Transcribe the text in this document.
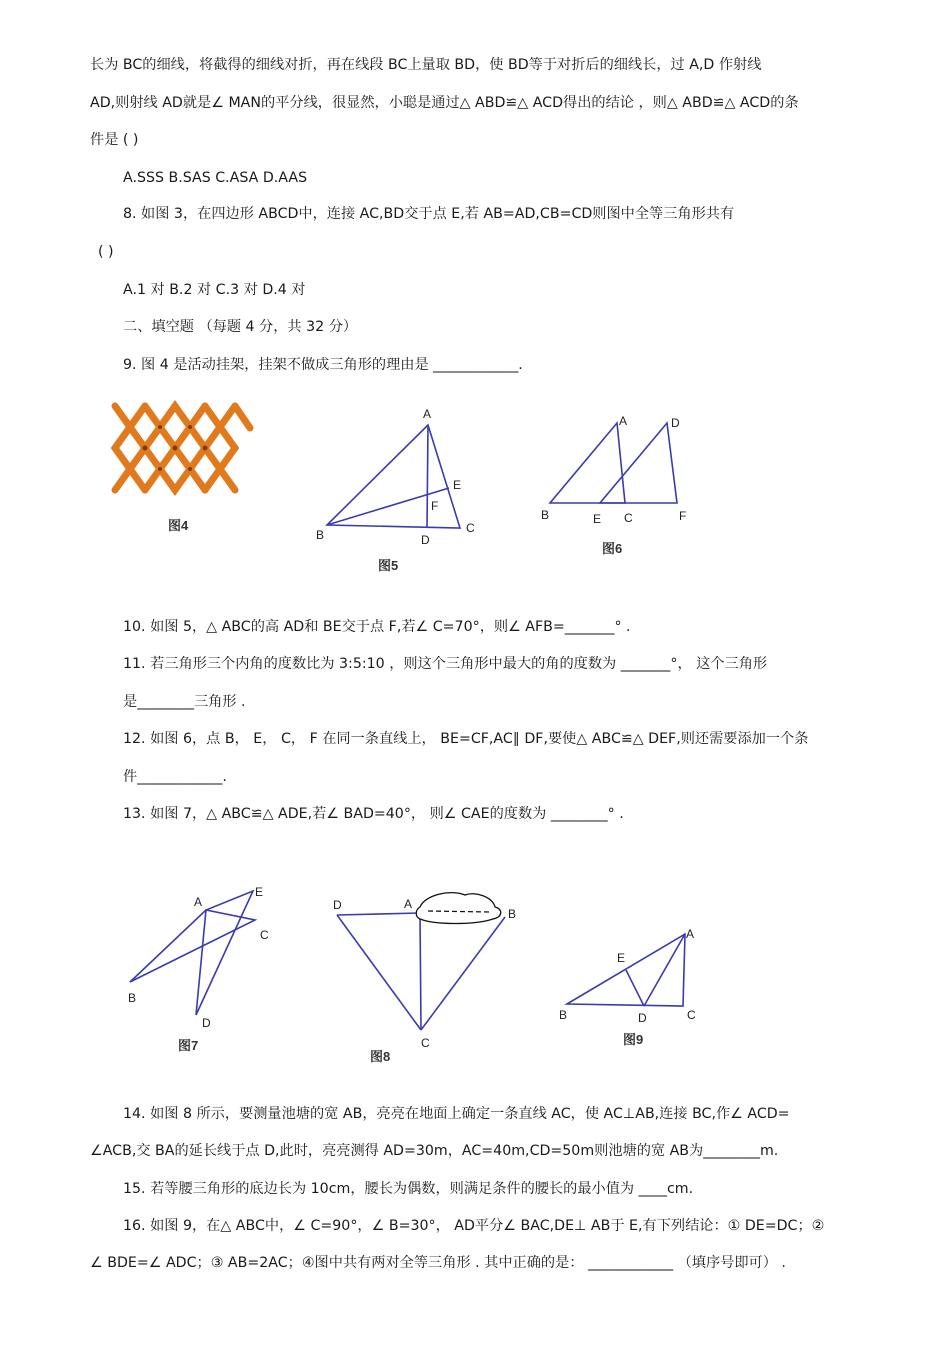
长为 BC的细线，将截得的细线对折，再在线段 BC上量取 BD，使 BD等于对折后的细线长，过 A,D 作射线
AD,则射线 AD就是∠ MAN的平分线，很显然，小聪是通过△ ABD≌△ ACD得出的结论 ，则△ ABD≌△ ACD的条
件是 ( )
A.SSS B.SAS C.ASA D.AAS
8. 如图 3，在四边形 ABCD中，连接 AC,BD交于点 E,若 AB=AD,CB=CD则图中全等三角形共有
( )
A.1 对 B.2 对 C.3 对 D.4 对
二、填空题 （每题 4 分，共 32 分）
9. 图 4 是活动挂架，挂架不做成三角形的理由是 ____________.
图4
A
E
F
B	C
D
图5
A	D
B	E C	F
图6
10. 如图 5，△ ABC的高 AD和 BE交于点 F,若∠ C=70°，则∠ AFB=_______° .
11. 若三角形三个内角的度数比为 3:5:10 ，则这个三角形中最大的角的度数为 _______°， 这个三角形
是________三角形 .
12. 如图 6，点 B， E， C， F 在同一条直线上， BE=CF,AC∥ DF,要使△ ABC≌△ DEF,则还需要添加一个条
件____________.
13. 如图 7，△ ABC≌△ ADE,若∠ BAD=40°， 则∠ CAE的度数为 ________° .
A
E
C
B
D
图7
D	A
B
C
图8
A
E
B	D	C
图9
14. 如图 8 所示，要测量池塘的宽 AB，亮亮在地面上确定一条直线 AC，使 AC⊥AB,连接 BC,作∠ ACD=
∠ACB,交 BA的延长线于点 D,此时，亮亮测得 AD=30m，AC=40m,CD=50m则池塘的宽 AB为________m.
15. 若等腰三角形的底边长为 10cm，腰长为偶数，则满足条件的腰长的最小值为 ____cm.
16. 如图 9，在△ ABC中，∠ C=90°，∠ B=30°， AD平分∠ BAC,DE⊥ AB于 E,有下列结论：① DE=DC；②
∠ BDE=∠ ADC；③ AB=2AC；④图中共有两对全等三角形 . 其中正确的是： ____________ （填序号即可） .
